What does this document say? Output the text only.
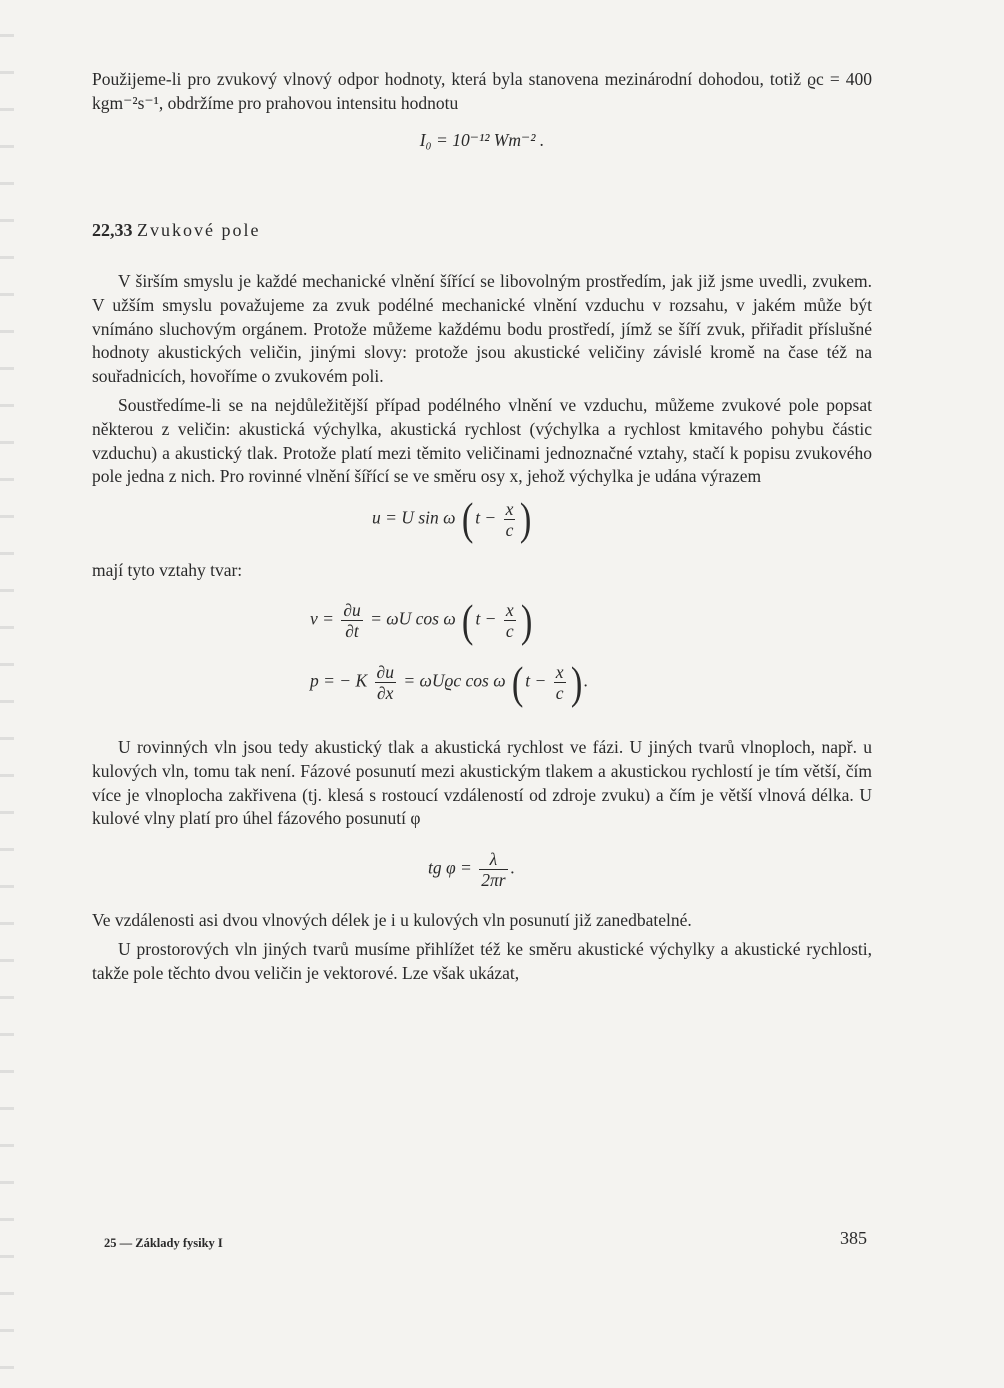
Použijeme-li pro zvukový vlnový odpor hodnoty, která byla stanovena mezinárodní dohodou, totiž ϱc = 400 kgm⁻²s⁻¹, obdržíme pro prahovou intensitu hodnotu

I₀ = 10⁻¹² Wm⁻² .

22,33 Zvukové pole

V širším smyslu je každé mechanické vlnění šířící se libovolným prostředím, jak již jsme uvedli, zvukem. V užším smyslu považujeme za zvuk podélné mechanické vlnění vzduchu v rozsahu, v jakém může být vnímáno sluchovým orgánem. Protože můžeme každému bodu prostředí, jímž se šíří zvuk, přiřadit příslušné hodnoty akustických veličin, jinými slovy: protože jsou akustické veličiny závislé kromě na čase též na souřadnicích, hovoříme o zvukovém poli.

Soustředíme-li se na nejdůležitější případ podélného vlnění ve vzduchu, můžeme zvukové pole popsat některou z veličin: akustická výchylka, akustická rychlost (výchylka a rychlost kmitavého pohybu částic vzduchu) a akustický tlak. Protože platí mezi těmito veličinami jednoznačné vztahy, stačí k popisu zvukového pole jedna z nich. Pro rovinné vlnění šířící se ve směru osy x, jehož výchylka je udána výrazem

u = U sin ω ( $t - \frac{x}{c}$ )

mají tyto vztahy tvar:

$v = \frac{\partial u}{\partial t} = \omega U$ cos ω ( $t - \frac{x}{c}$ )
p = − K $\frac{\partial u}{\partial x} = \omega Uϱc$ cos ω ( $t - \frac{x}{c}$ ) .

U rovinných vln jsou tedy akustický tlak a akustická rychlost ve fázi. U jiných tvarů vlnoploch, např. u kulových vln, tomu tak není. Fázové posunutí mezi akustickým tlakem a akustickou rychlostí je tím větší, čím více je vlnoplocha zakřivena (tj. klesá s rostoucí vzdáleností od zdroje zvuku) a čím je větší vlnová délka. U kulové vlny platí pro úhel fázového posunutí φ

tg $\varphi = \frac{\lambda}{2\pi r}$ .

Ve vzdálenosti asi dvou vlnových délek je i u kulových vln posunutí již zanedbatelné.

U prostorových vln jiných tvarů musíme přihlížet též ke směru akustické výchylky a akustické rychlosti, takže pole těchto dvou veličin je vektorové. Lze však ukázat,

25 — Základy fysiky I	385
